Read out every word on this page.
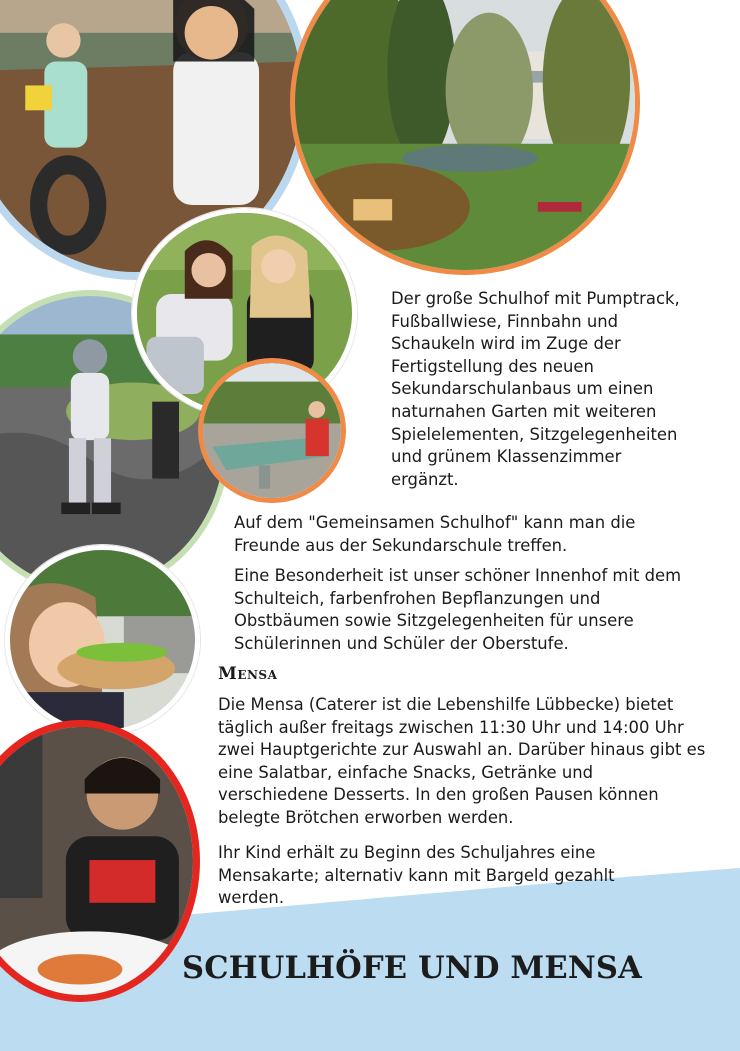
Der große Schulhof mit Pumptrack, Fußballwiese, Finnbahn und Schaukeln wird im Zuge der Fertigstellung des neuen Sekundarschulanbaus um einen naturnahen Garten mit weiteren Spielelementen, Sitzgelegenheiten und grünem Klassenzimmer ergänzt.

Auf dem "Gemeinsamen Schulhof" kann man die Freunde aus der Sekundarschule treffen.

Eine Besonderheit ist unser schöner Innenhof mit dem Schulteich, farbenfrohen Bepflanzungen und Obstbäumen sowie Sitzgelegenheiten für unsere Schülerinnen und Schüler der Oberstufe.

Mensa

Die Mensa (Caterer ist die Lebenshilfe Lübbecke) bietet täglich außer freitags zwischen 11:30 Uhr und 14:00 Uhr zwei Hauptgerichte zur Auswahl an. Darüber hinaus gibt es eine Salatbar, einfache Snacks, Getränke und verschiedene Desserts. In den großen Pausen können belegte Brötchen erworben werden.

Ihr Kind erhält zu Beginn des Schuljahres eine Mensakarte; alternativ kann mit Bargeld gezahlt werden.

SCHULHÖFE UND MENSA
